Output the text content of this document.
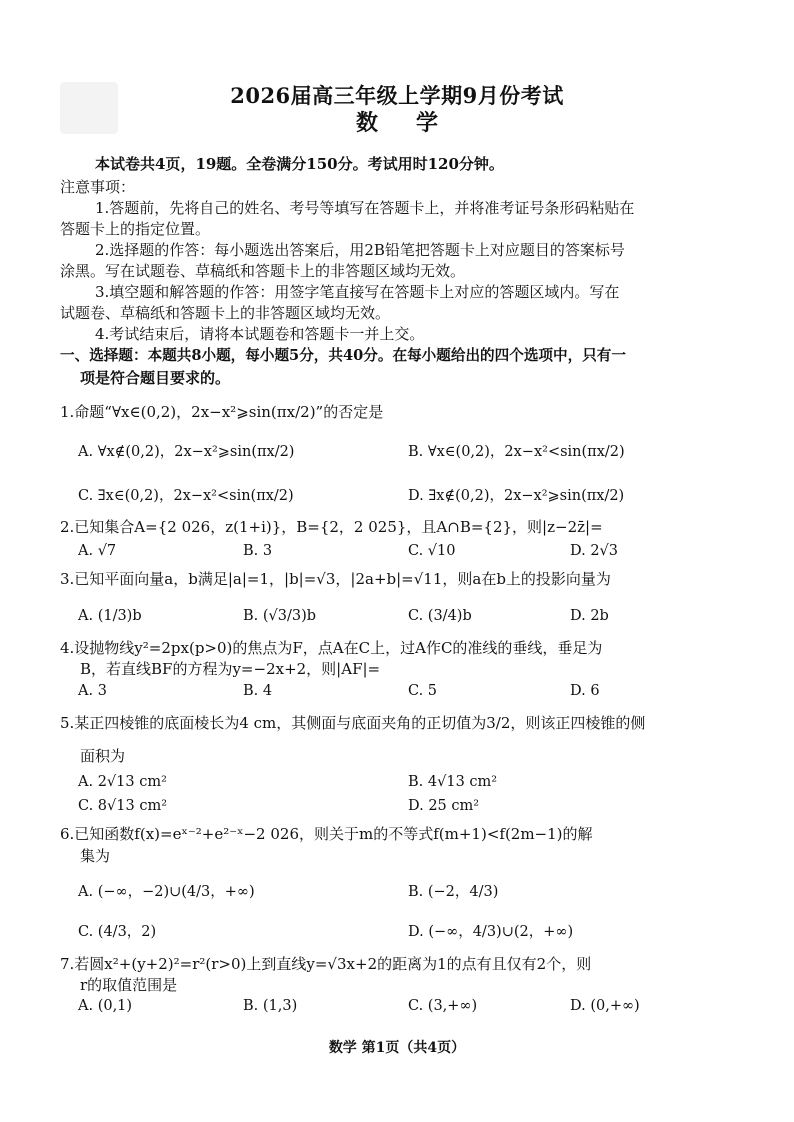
2026届高三年级上学期9月份考试
数学
本试卷共4页，19题。全卷满分150分。考试用时120分钟。
注意事项：
1.答题前，先将自己的姓名、考号等填写在答题卡上，并将准考证号条形码粘贴在
答题卡上的指定位置。
2.选择题的作答：每小题选出答案后，用2B铅笔把答题卡上对应题目的答案标号
涂黑。写在试题卷、草稿纸和答题卡上的非答题区域均无效。
3.填空题和解答题的作答：用签字笔直接写在答题卡上对应的答题区域内。写在
试题卷、草稿纸和答题卡上的非答题区域均无效。
4.考试结束后，请将本试题卷和答题卡一并上交。
一、选择题：本题共8小题，每小题5分，共40分。在每小题给出的四个选项中，只有一
项是符合题目要求的。
1.命题“∀x∈(0,2)，2x−x²⩾sin(πx/2)”的否定是
A. ∀x∉(0,2)，2x−x²⩾sin(πx/2)	B. ∀x∈(0,2)，2x−x²<sin(πx/2)
C. ∃x∈(0,2)，2x−x²<sin(πx/2)	D. ∃x∉(0,2)，2x−x²⩾sin(πx/2)
2.已知集合A={2 026，z(1+i)}，B={2，2 025}，且A∩B={2}，则|z−2z̄|=
A. √7	B. 3	C. √10	D. 2√3
3.已知平面向量a，b满足|a|=1，|b|=√3，|2a+b|=√11，则a在b上的投影向量为
A. (1/3)b	B. (√3/3)b	C. (3/4)b	D. 2b
4.设抛物线y²=2px(p>0)的焦点为F，点A在C上，过A作C的准线的垂线，垂足为
B，若直线BF的方程为y=−2x+2，则|AF|=
A. 3	B. 4	C. 5	D. 6
5.某正四棱锥的底面棱长为4 cm，其侧面与底面夹角的正切值为3/2，则该正四棱锥的侧
面积为
A. 2√13 cm²	B. 4√13 cm²
C. 8√13 cm²	D. 25 cm²
6.已知函数f(x)=eˣ⁻²+e²⁻ˣ−2 026，则关于m的不等式f(m+1)<f(2m−1)的解
集为
A. (−∞，−2)∪(4/3，+∞)	B. (−2，4/3)
C. (4/3，2)	D. (−∞，4/3)∪(2，+∞)
7.若圆x²+(y+2)²=r²(r>0)上到直线y=√3x+2的距离为1的点有且仅有2个，则
r的取值范围是
A. (0,1)	B. (1,3)	C. (3,+∞)	D. (0,+∞)
数学 第1页（共4页）
